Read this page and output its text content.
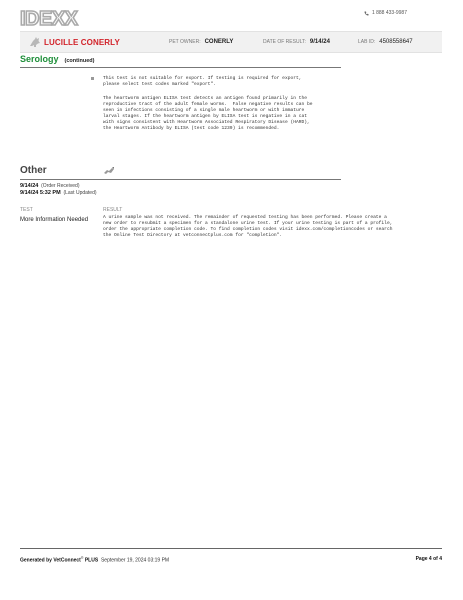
IDEXX	1 888 433-9987
LUCILLE CONERLY	PET OWNER: CONERLY	DATE OF RESULT: 9/14/24	LAB ID: 4508558647
Serology (continued)
This test is not suitable for export. If testing is required for export,
please select test codes marked "export".
The heartworm antigen ELISA test detects an antigen found primarily in the
reproductive tract of the adult female worms.  False negative results can be
seen in infections consisting of a single male heartworm or with immature
larval stages. If the heartworm antigen by ELISA test is negative in a cat
with signs consistent with Heartworm Associated Respiratory Disease (HARD),
the Heartworm Antibody by ELISA (test code 1239) is recommended.
Other
9/14/24 (Order Received)
9/14/24 5:32 PM (Last Updated)
TEST	RESULT
More Information Needed	A urine sample was not received. The remainder of requested testing has been performed. Please create a
new order to resubmit a specimen for a standalone urine test. If your urine testing is part of a profile,
order the appropriate completion code. To find completion codes visit idexx.com/completioncodes or search
the Online Test Directory at vetconnectplus.com for "completion".
Generated by VetConnect® PLUS September 19, 2024 03:19 PM	Page 4 of 4
